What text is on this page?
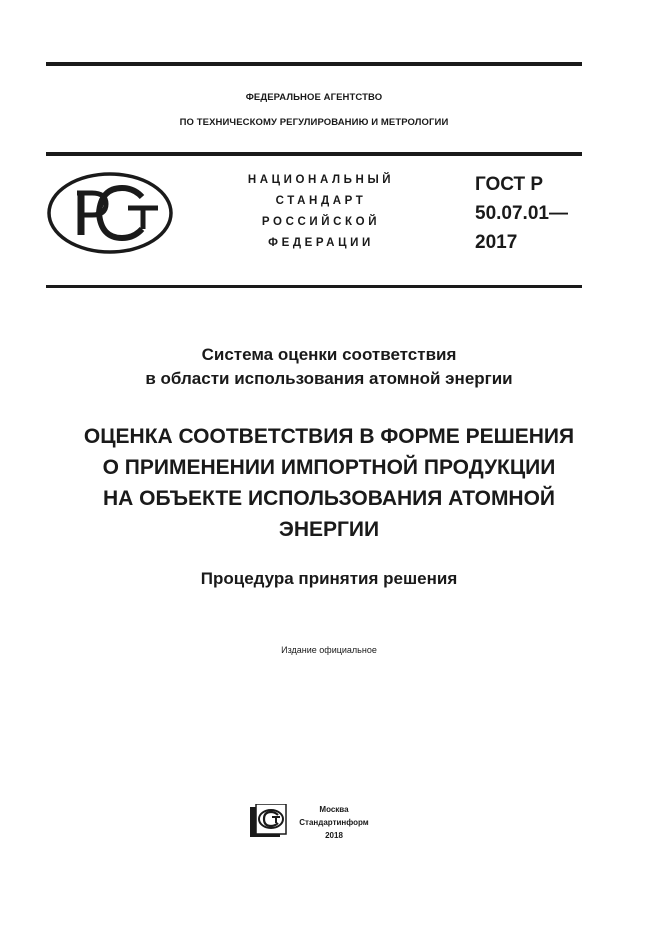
ФЕДЕРАЛЬНОЕ АГЕНТСТВО
ПО ТЕХНИЧЕСКОМУ РЕГУЛИРОВАНИЮ И МЕТРОЛОГИИ
НАЦИОНАЛЬНЫЙ
СТАНДАРТ
РОССИЙСКОЙ
ФЕДЕРАЦИИ
ГОСТ Р
50.07.01—
2017
Система оценки соответствия
в области использования атомной энергии
ОЦЕНКА СООТВЕТСТВИЯ В ФОРМЕ РЕШЕНИЯ
О ПРИМЕНЕНИИ ИМПОРТНОЙ ПРОДУКЦИИ
НА ОБЪЕКТЕ ИСПОЛЬЗОВАНИЯ АТОМНОЙ
ЭНЕРГИИ
Процедура принятия решения
Издание официальное
Москва
Стандартинформ
2018
